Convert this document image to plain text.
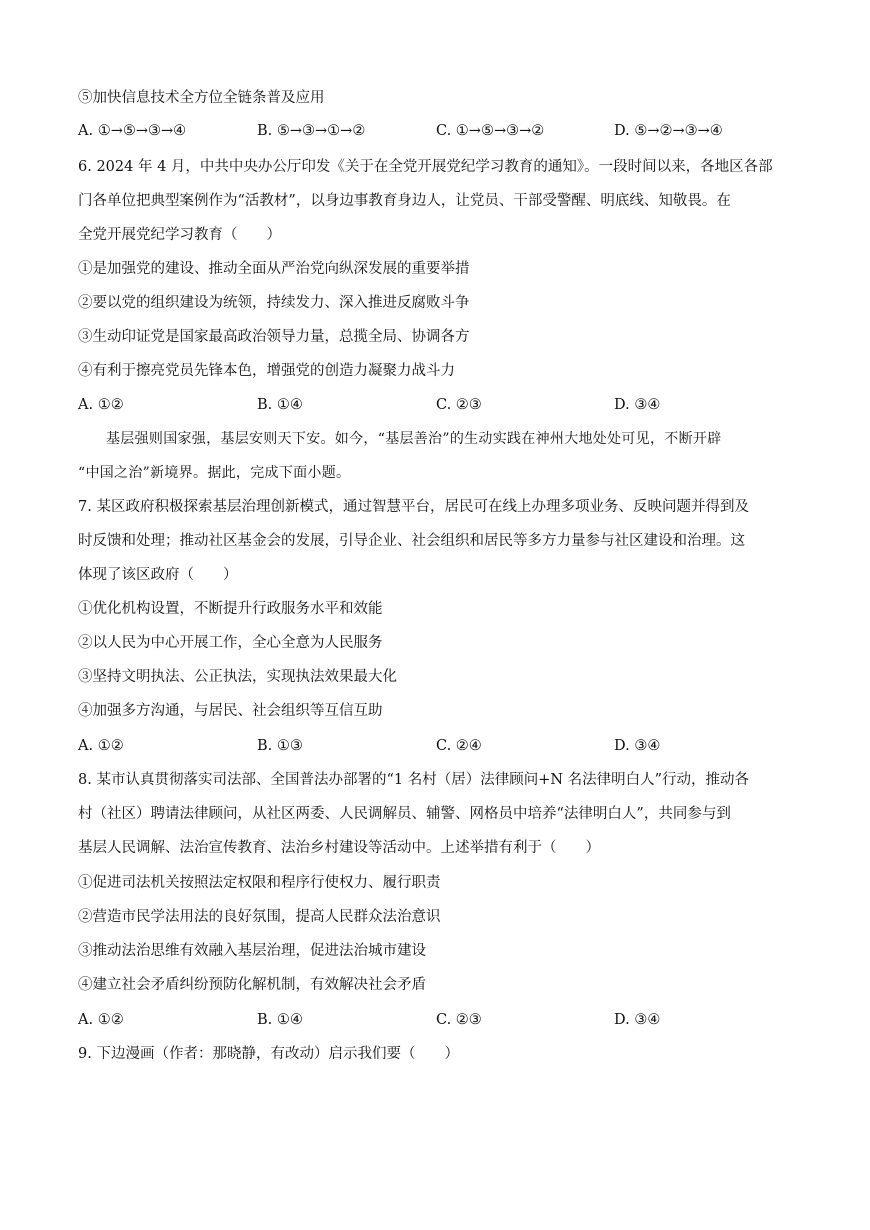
⑤加快信息技术全方位全链条普及应用
A. ①→⑤→③→④	B. ⑤→③→①→②	C. ①→⑤→③→②	D. ⑤→②→③→④
6. 2024 年 4 月，中共中央办公厅印发《关于在全党开展党纪学习教育的通知》。一段时间以来，各地区各部
门各单位把典型案例作为“活教材”，以身边事教育身边人，让党员、干部受警醒、明底线、知敬畏。在
全党开展党纪学习教育（　　）
①是加强党的建设、推动全面从严治党向纵深发展的重要举措
②要以党的组织建设为统领，持续发力、深入推进反腐败斗争
③生动印证党是国家最高政治领导力量，总揽全局、协调各方
④有利于擦亮党员先锋本色，增强党的创造力凝聚力战斗力
A. ①②	B. ①④	C. ②③	D. ③④
基层强则国家强，基层安则天下安。如今，“基层善治”的生动实践在神州大地处处可见，不断开辟
“中国之治”新境界。据此，完成下面小题。
7. 某区政府积极探索基层治理创新模式，通过智慧平台，居民可在线上办理多项业务、反映问题并得到及
时反馈和处理；推动社区基金会的发展，引导企业、社会组织和居民等多方力量参与社区建设和治理。这
体现了该区政府（　　）
①优化机构设置，不断提升行政服务水平和效能
②以人民为中心开展工作，全心全意为人民服务
③坚持文明执法、公正执法，实现执法效果最大化
④加强多方沟通，与居民、社会组织等互信互助
A. ①②	B. ①③	C. ②④	D. ③④
8. 某市认真贯彻落实司法部、全国普法办部署的“1 名村（居）法律顾问+N 名法律明白人”行动，推动各
村（社区）聘请法律顾问，从社区两委、人民调解员、辅警、网格员中培养“法律明白人”，共同参与到
基层人民调解、法治宣传教育、法治乡村建设等活动中。上述举措有利于（　　）
①促进司法机关按照法定权限和程序行使权力、履行职责
②营造市民学法用法的良好氛围，提高人民群众法治意识
③推动法治思维有效融入基层治理，促进法治城市建设
④建立社会矛盾纠纷预防化解机制，有效解决社会矛盾
A. ①②	B. ①④	C. ②③	D. ③④
9. 下边漫画（作者：那晓静，有改动）启示我们要（　　）
